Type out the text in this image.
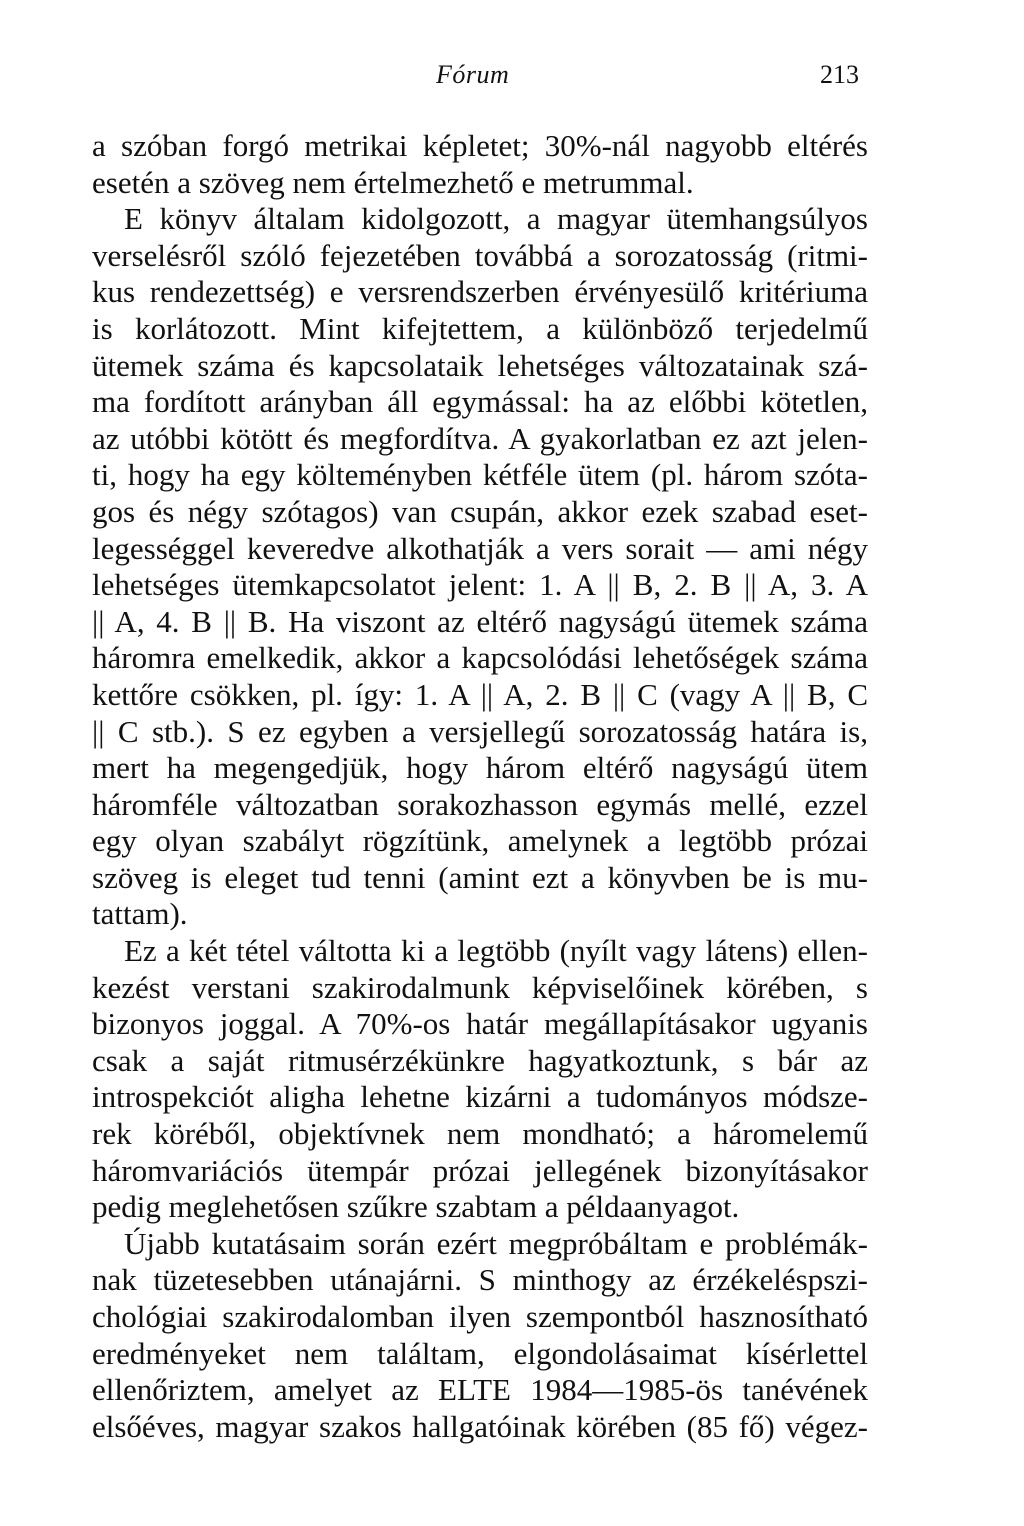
Fórum	213
a szóban forgó metrikai képletet; 30%-nál nagyobb eltérés
esetén a szöveg nem értelmezhető e metrummal.
E könyv általam kidolgozott, a magyar ütemhangsúlyos
verselésről szóló fejezetében továbbá a sorozatosság (ritmi-
kus rendezettség) e versrendszerben érvényesülő kritériuma
is korlátozott. Mint kifejtettem, a különböző terjedelmű
ütemek száma és kapcsolataik lehetséges változatainak szá-
ma fordított arányban áll egymással: ha az előbbi kötetlen,
az utóbbi kötött és megfordítva. A gyakorlatban ez azt jelen-
ti, hogy ha egy költeményben kétféle ütem (pl. három szóta-
gos és négy szótagos) van csupán, akkor ezek szabad eset-
legességgel keveredve alkothatják a vers sorait — ami négy
lehetséges ütemkapcsolatot jelent: 1. A || B, 2. B || A, 3. A
|| A, 4. B || B. Ha viszont az eltérő nagyságú ütemek száma
háromra emelkedik, akkor a kapcsolódási lehetőségek száma
kettőre csökken, pl. így: 1. A || A, 2. B || C (vagy A || B, C
|| C stb.). S ez egyben a versjellegű sorozatosság határa is,
mert ha megengedjük, hogy három eltérő nagyságú ütem
háromféle változatban sorakozhasson egymás mellé, ezzel
egy olyan szabályt rögzítünk, amelynek a legtöbb prózai
szöveg is eleget tud tenni (amint ezt a könyvben be is mu-
tattam).
Ez a két tétel váltotta ki a legtöbb (nyílt vagy látens) ellen-
kezést verstani szakirodalmunk képviselőinek körében, s
bizonyos joggal. A 70%-os határ megállapításakor ugyanis
csak a saját ritmusérzékünkre hagyatkoztunk, s bár az
introspekciót aligha lehetne kizárni a tudományos módsze-
rek köréből, objektívnek nem mondható; a háromelemű
háromvariációs ütempár prózai jellegének bizonyításakor
pedig meglehetősen szűkre szabtam a példaanyagot.
Újabb kutatásaim során ezért megpróbáltam e problémák-
nak tüzetesebben utánajárni. S minthogy az érzékeléspszi-
chológiai szakirodalomban ilyen szempontból hasznosítható
eredményeket nem találtam, elgondolásaimat kísérlettel
ellenőriztem, amelyet az ELTE 1984—1985-ös tanévének
elsőéves, magyar szakos hallgatóinak körében (85 fő) végez-
